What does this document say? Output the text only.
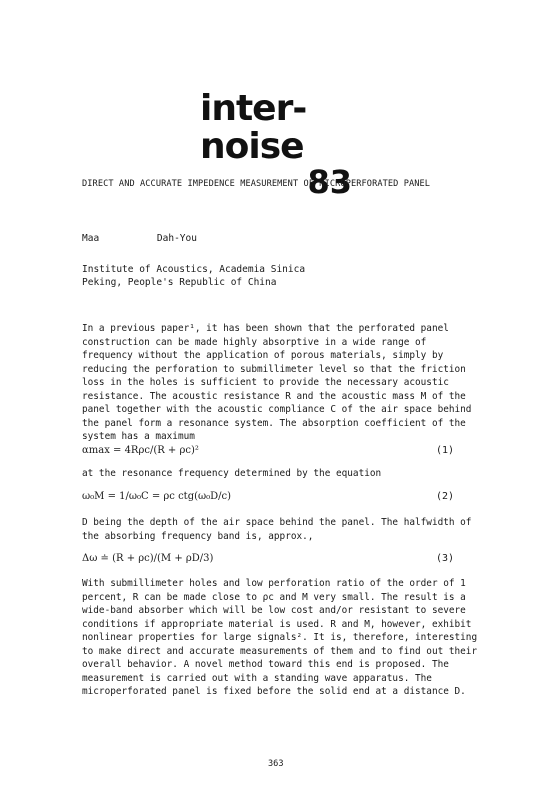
inter-noise
83
DIRECT AND ACCURATE IMPEDENCE MEASUREMENT OF MICROPERFORATED PANEL
Maa	Dah-You
Institute of Acoustics, Academia Sinica
Peking, People's Republic of China
In a previous paper¹, it has been shown that the perforated panel construction can be made highly absorptive in a wide range of frequency without the application of porous materials, simply by reducing the perforation to submillimeter level so that the friction loss in the holes is sufficient to provide the necessary acoustic resistance. The acoustic resistance R and the acoustic mass M of the panel together with the acoustic compliance C of the air space behind the panel form a resonance system. The absorption coefficient of the system has a maximum
αmax = 4Rρc/(R + ρc)²	(1)
at the resonance frequency determined by the equation
ω₀M = 1/ω₀C = ρc ctg(ω₀D/c)	(2)
D being the depth of the air space behind the panel. The halfwidth of the absorbing frequency band is, approx.,
Δω ≐ (R + ρc)/(M + ρD/3)	(3)
With submillimeter holes and low perforation ratio of the order of 1 percent, R can be made close to ρc and M very small. The result is a wide-band absorber which will be low cost and/or resistant to severe conditions if appropriate material is used. R and M, however, exhibit nonlinear properties for large signals². It is, therefore, interesting to make direct and accurate measurements of them and to find out their overall behavior. A novel method toward this end is proposed. The measurement is carried out with a standing wave apparatus. The microperforated panel is fixed before the solid end at a distance D.
363
